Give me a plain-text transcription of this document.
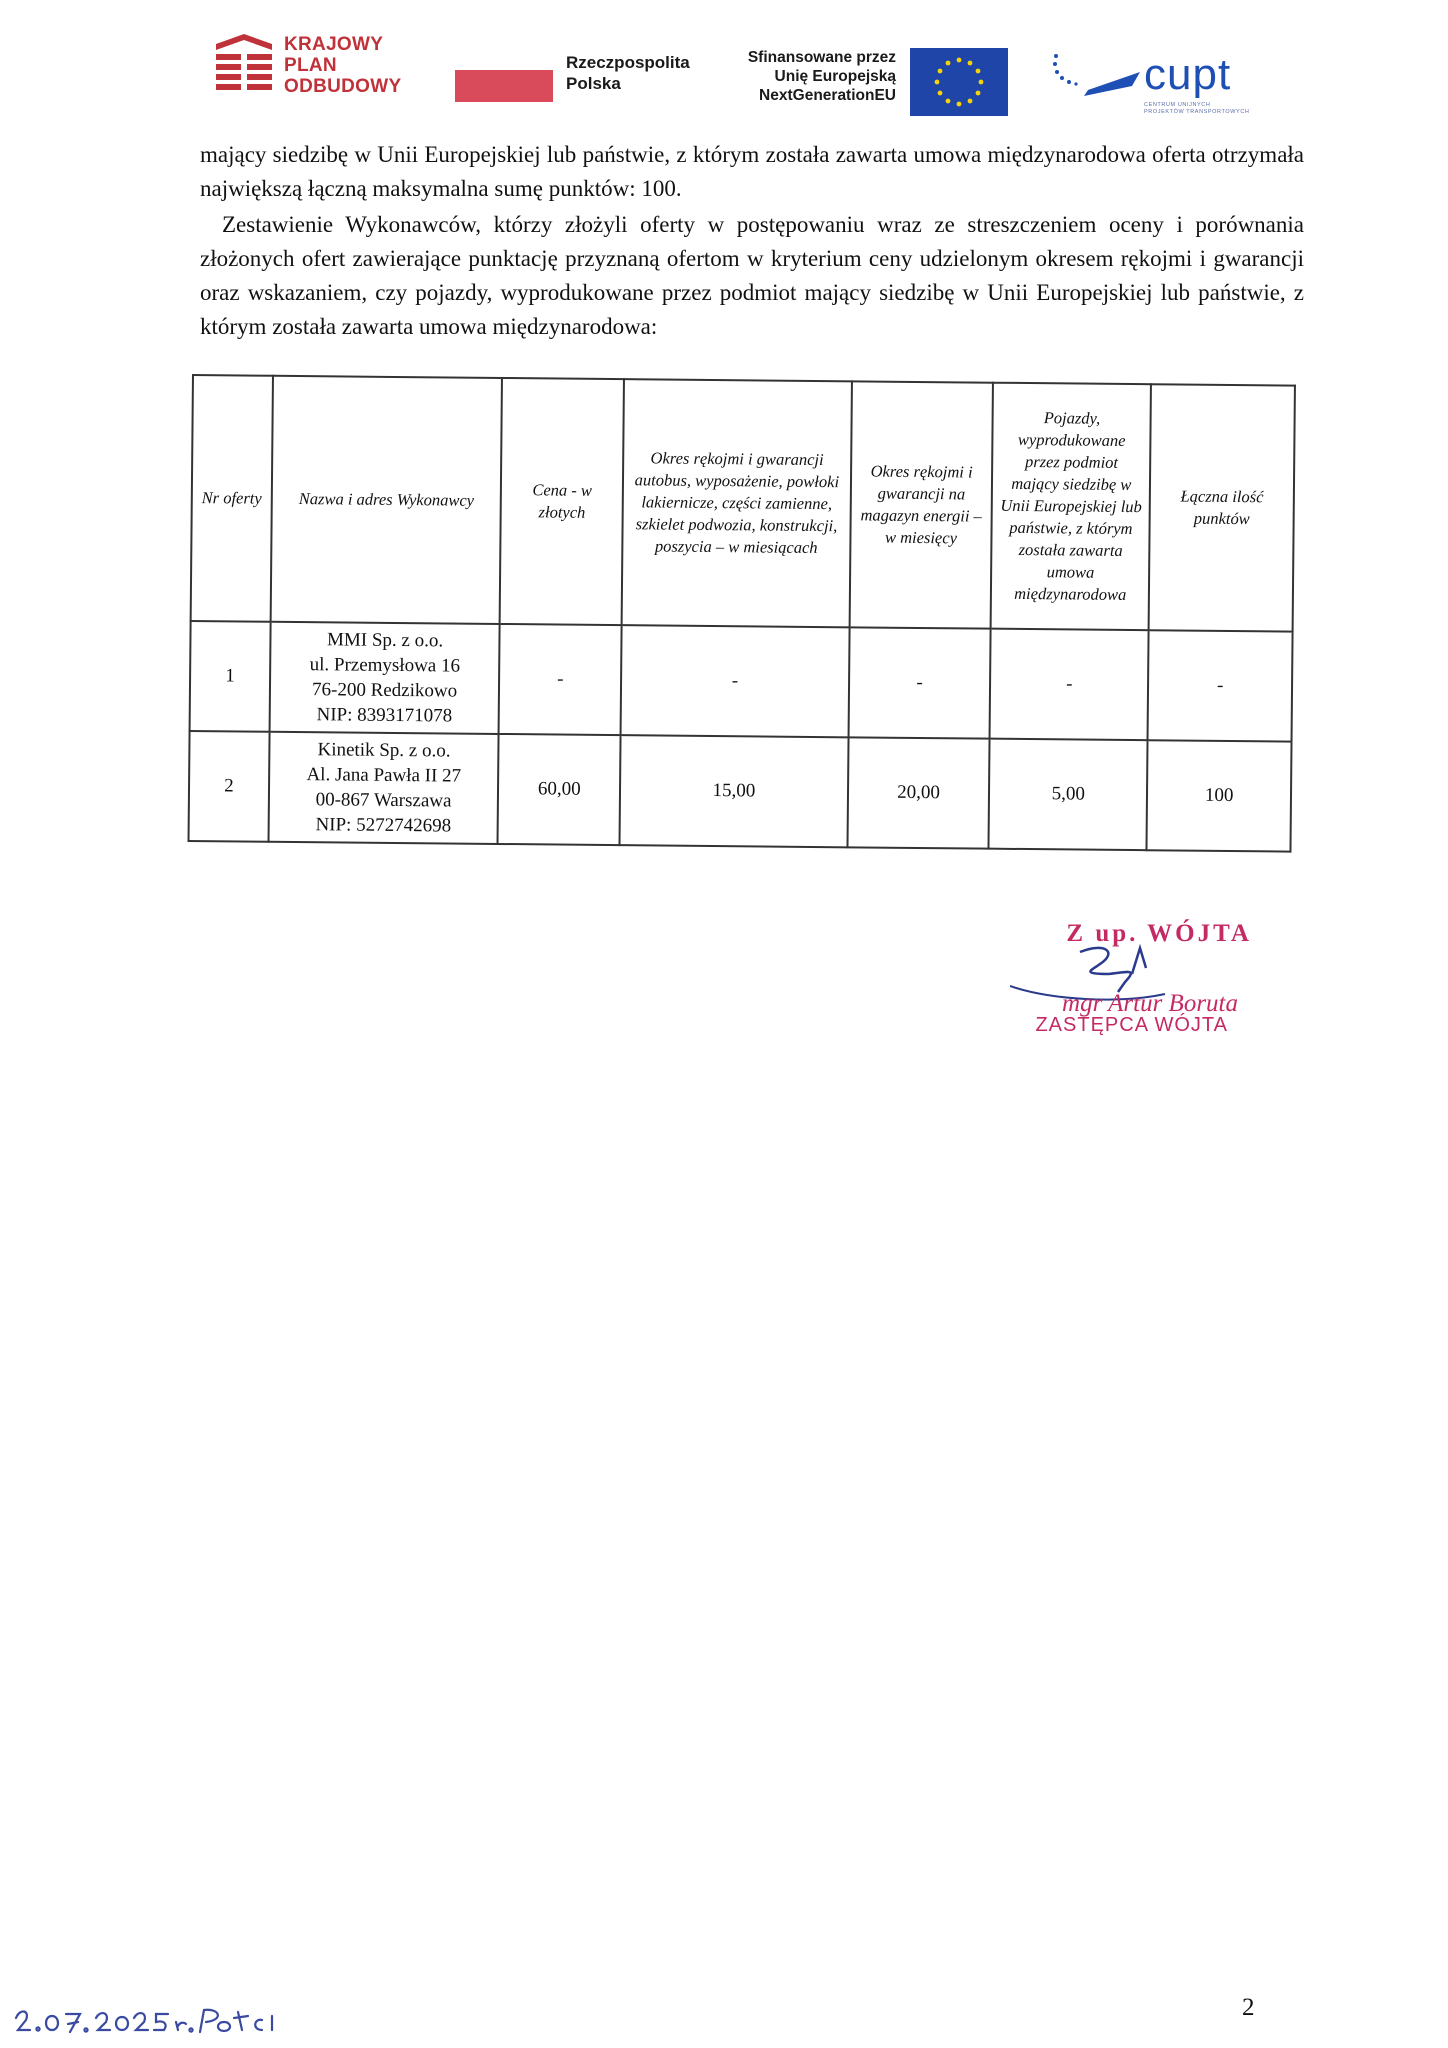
KRAJOWY
PLAN
ODBUDOWY
Rzeczpospolita
Polska
Sfinansowane przez
Unię Europejską
NextGenerationEU	cupt
CENTRUM UNIJNYCH
PROJEKTÓW TRANSPORTOWYCH
mający siedzibę w Unii Europejskiej lub państwie, z którym została zawarta umowa międzynarodowa oferta otrzymała największą łączną maksymalna sumę punktów: 100.
Zestawienie Wykonawców, którzy złożyli oferty w postępowaniu wraz ze streszczeniem oceny i porównania złożonych ofert zawierające punktację przyznaną ofertom w kryterium ceny udzielonym okresem rękojmi i gwarancji oraz wskazaniem, czy pojazdy, wyprodukowane przez podmiot mający siedzibę w Unii Europejskiej lub państwie, z którym została zawarta umowa międzynarodowa:
Nr oferty	Nazwa i adres Wykonawcy	Cena - w złotych	Okres rękojmi i gwarancji autobus, wyposażenie, powłoki lakiernicze, części zamienne, szkielet podwozia, konstrukcji, poszycia – w miesiącach	Okres rękojmi i gwarancji na magazyn energii – w miesięcy	Pojazdy, wyprodukowane przez podmiot mający siedzibę w Unii Europejskiej lub państwie, z którym została zawarta umowa międzynarodowa	Łączna ilość punktów
1	MMI Sp. z o.o.
ul. Przemysłowa 16
76-200 Redzikowo
NIP: 8393171078	-	-	-	-	-
2	Kinetik Sp. z o.o.
Al. Jana Pawła II 27
00-867 Warszawa
NIP: 5272742698	60,00	15,00	20,00	5,00	100
Z up. WÓJTA
mgr Artur Boruta
ZASTĘPCA WÓJTA
2
